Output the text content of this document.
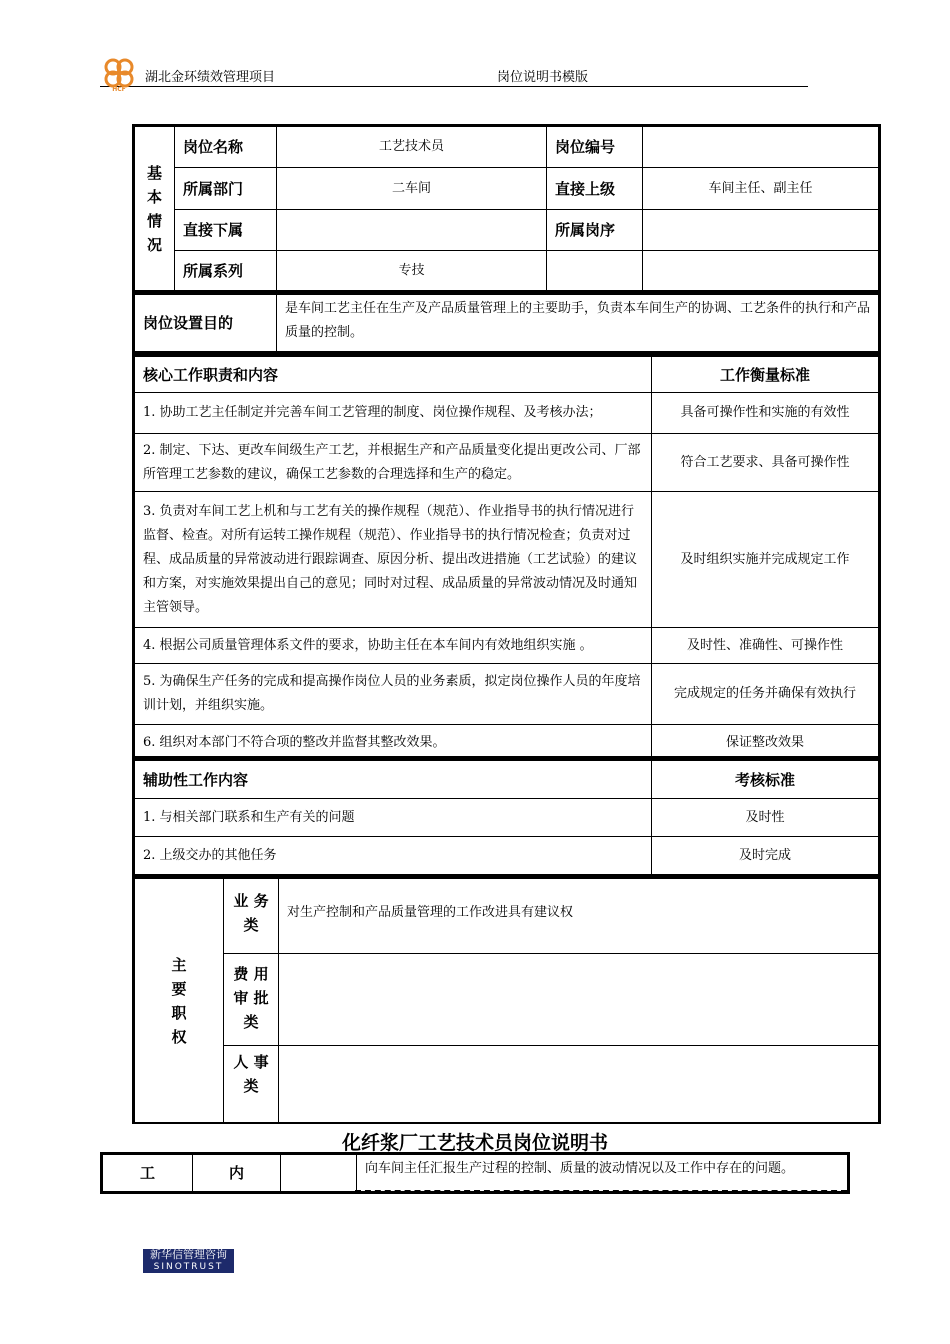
HCF
湖北金环绩效管理项目	岗位说明书模版
基
本
情
况	岗位名称	工艺技术员	岗位编号	
	所属部门	二车间	直接上级	车间主任、副主任
	直接下属		所属岗序	
	所属系列	专技		
岗位设置目的	是车间工艺主任在生产及产品质量管理上的主要助手，负责本车间生产的协调、工艺条件的执行和产品质量的控制。
核心工作职责和内容	工作衡量标准
1. 协助工艺主任制定并完善车间工艺管理的制度、岗位操作规程、及考核办法；	具备可操作性和实施的有效性
2. 制定、下达、更改车间级生产工艺，并根据生产和产品质量变化提出更改公司、厂部所管理工艺参数的建议，确保工艺参数的合理选择和生产的稳定。	符合工艺要求、具备可操作性
3. 负责对车间工艺上机和与工艺有关的操作规程（规范）、作业指导书的执行情况进行监督、检查。对所有运转工操作规程（规范）、作业指导书的执行情况检查；负责对过程、成品质量的异常波动进行跟踪调查、原因分析、提出改进措施（工艺试验）的建议和方案，对实施效果提出自己的意见；同时对过程、成品质量的异常波动情况及时通知主管领导。	及时组织实施并完成规定工作
4. 根据公司质量管理体系文件的要求，协助主任在本车间内有效地组织实施 。	及时性、准确性、可操作性
5. 为确保生产任务的完成和提高操作岗位人员的业务素质，拟定岗位操作人员的年度培训计划，并组织实施。	完成规定的任务并确保有效执行
6. 组织对本部门不符合项的整改并监督其整改效果。	保证整改效果
辅助性工作内容	考核标准
1. 与相关部门联系和生产有关的问题	及时性
2. 上级交办的其他任务	及时完成
主
要
职
权	业 务 类	对生产控制和产品质量管理的工作改进具有建议权
	费 用 审 批 类	
	人 事 类	
化纤浆厂工艺技术员岗位说明书
工	内		向车间主任汇报生产过程的控制、质量的波动情况以及工作中存在的问题。
新华信管理咨询
SINOTRUST
